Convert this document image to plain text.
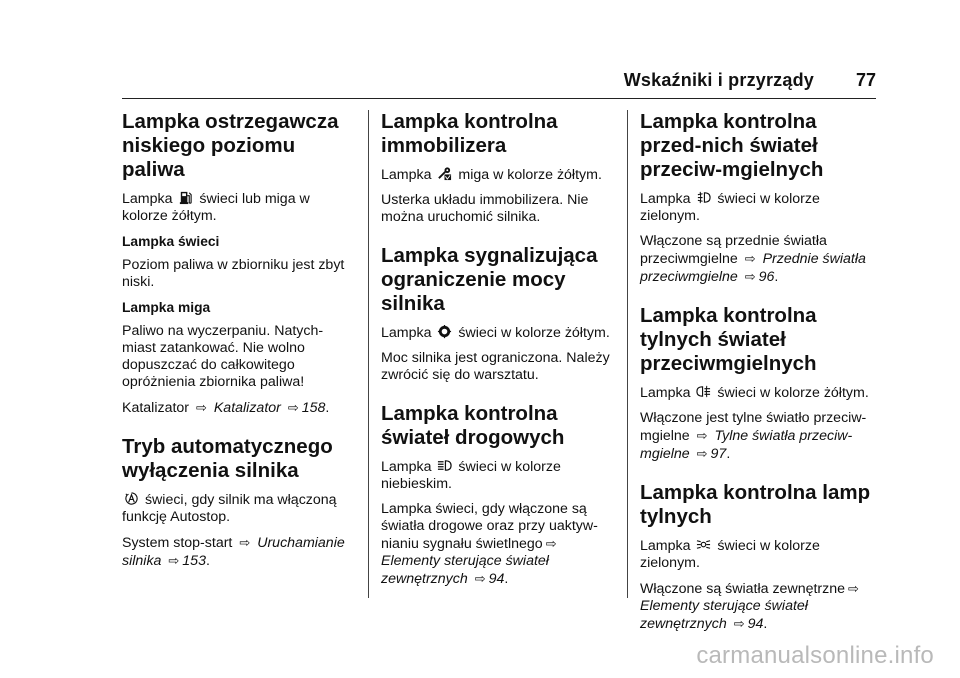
Wskaźniki i przyrządy 77
Lampka ostrzegawcza niskiego poziomu paliwa

Lampka świeci lub miga w kolorze żółtym.

Lampka świeci

Poziom paliwa w zbiorniku jest zbyt niski.

Lampka miga

Paliwo na wyczerpaniu. Natych-miast zatankować. Nie wolno dopuszczać do całkowitego opróżnienia zbiornika paliwa!

Katalizator ⇨ Katalizator ⇨ 158.

Tryb automatycznego wyłączenia silnika

świeci, gdy silnik ma włączoną funkcję Autostop.

System stop-start ⇨ Uruchamianie silnika ⇨ 153.

Lampka kontrolna immobilizera

Lampka miga w kolorze żółtym.

Usterka układu immobilizera. Nie można uruchomić silnika.

Lampka sygnalizująca ograniczenie mocy silnika

Lampka świeci w kolorze żółtym.

Moc silnika jest ograniczona. Należy zwrócić się do warsztatu.

Lampka kontrolna świateł drogowych

Lampka świeci w kolorze niebieskim.

Lampka świeci, gdy włączone są światła drogowe oraz przy uaktyw-nianiu sygnału świetlnego ⇨
Elementy sterujące świateł zewnętrznych ⇨ 94.

Lampka kontrolna przed-nich świateł przeciw-mgielnych

Lampka świeci w kolorze zielonym.

Włączone są przednie światła przeciwmgielne ⇨ Przednie światła przeciwmgielne ⇨ 96.

Lampka kontrolna tylnych świateł przeciwmgielnych

Lampka świeci w kolorze żółtym.

Włączone jest tylne światło przeciw-mgielne ⇨ Tylne światła przeciw-mgielne ⇨ 97.

Lampka kontrolna lamp tylnych

Lampka świeci w kolorze zielonym.

Włączone są światła zewnętrzne ⇨
Elementy sterujące świateł zewnętrznych ⇨ 94.

carmanualsonline.info
